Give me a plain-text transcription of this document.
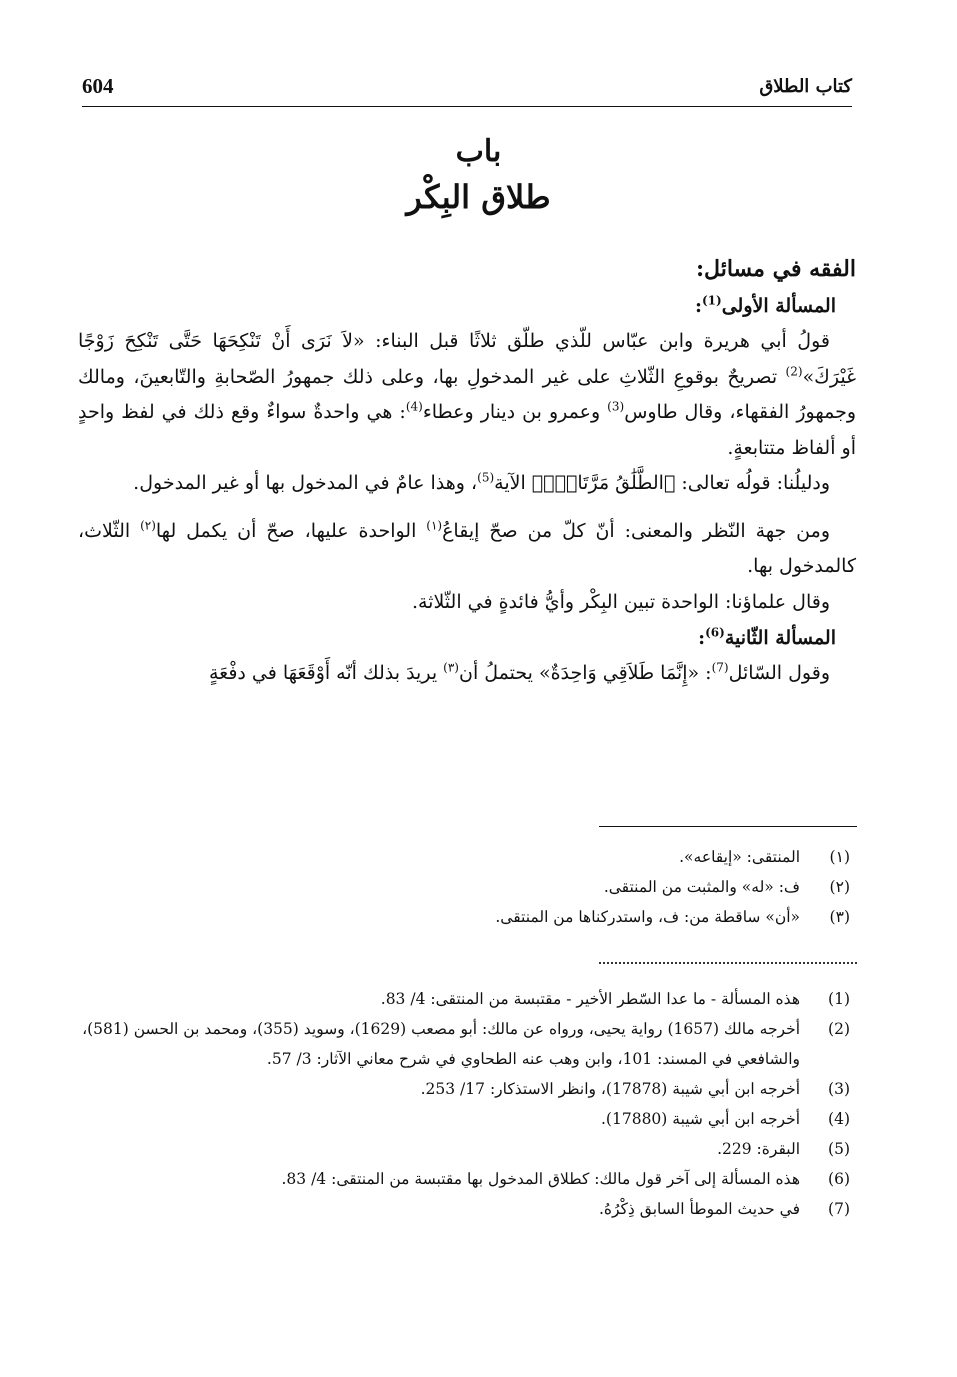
604	كتاب الطلاق
باب
طلاق البِكْر

الفقه في مسائل:

المسألة الأولى$^{(1)}$:

قولُ أبي هريرة وابن عبّاس للّذي طلّق ثلاثًا قبل البناء: «لاَ نَرَى أَنْ تَنْكِحَهَا حَتَّى تَنْكِحَ زَوْجًا غَيْرَكَ»$^{(2)}$ تصريحٌ بوقوعِ الثّلاثِ على غير المدخولِ بها، وعلى ذلك جمهورُ الصّحابةِ والتّابعينَ، ومالك وجمهورُ الفقهاء، وقال طاوس$^{(3)}$ وعمرو بن دينار وعطاء$^{(4)}$: هي واحدةٌ سواءٌ وقع ذلك في لفظ واحدٍ أو ألفاظ متتابعةٍ.

ودليلُنا: قولُه تعالى: ﴿الطَّلَٰقُ مَرَّتَانِۖ﴾ الآية$^{(5)}$، وهذا عامٌ في المدخول بها أو غير المدخول.

ومن جهة النّظر والمعنى: أنّ كلّ من صحّ إيقاعُ$^{(١)}$ الواحدة عليها، صحّ أن يكمل لها$^{(٢)}$ الثّلاث، كالمدخول بها.

وقال علماؤنا: الواحدة تبين البِكْر وأيُّ فائدةٍ في الثّلاثة.

المسألة الثّانية$^{(6)}$:

وقول السّائل$^{(7)}$: «إِنَّمَا طَلاَقِي وَاحِدَةٌ» يحتملُ أن$^{(٣)}$ يريدَ بذلك أنّه أَوْقَعَهَا في دفْعَةٍ

(١)
المنتقى: «إيقاعه».
(٢)
ف: «له» والمثبت من المنتقى.
(٣)
«أن» ساقطة من: ف، واستدركناها من المنتقى.
(1)
هذه المسألة - ما عدا السّطر الأخير - مقتبسة من المنتقى: 4/ 83.
(2)
أخرجه مالك (1657) رواية يحيى، ورواه عن مالك: أبو مصعب (1629)، وسويد (355)، ومحمد بن الحسن (581)، والشافعي في المسند: 101، وابن وهب عنه الطحاوي في شرح معاني الآثار: 3/ 57.
(3)
أخرجه ابن أبي شيبة (17878)، وانظر الاستذكار: 17/ 253.
(4)
أخرجه ابن أبي شيبة (17880).
(5)
البقرة: 229.
(6)
هذه المسألة إلى آخر قول مالك: كطلاق المدخول بها مقتبسة من المنتقى: 4/ 83.
(7)
في حديث الموطأ السابق ذِكْرُهُ.
